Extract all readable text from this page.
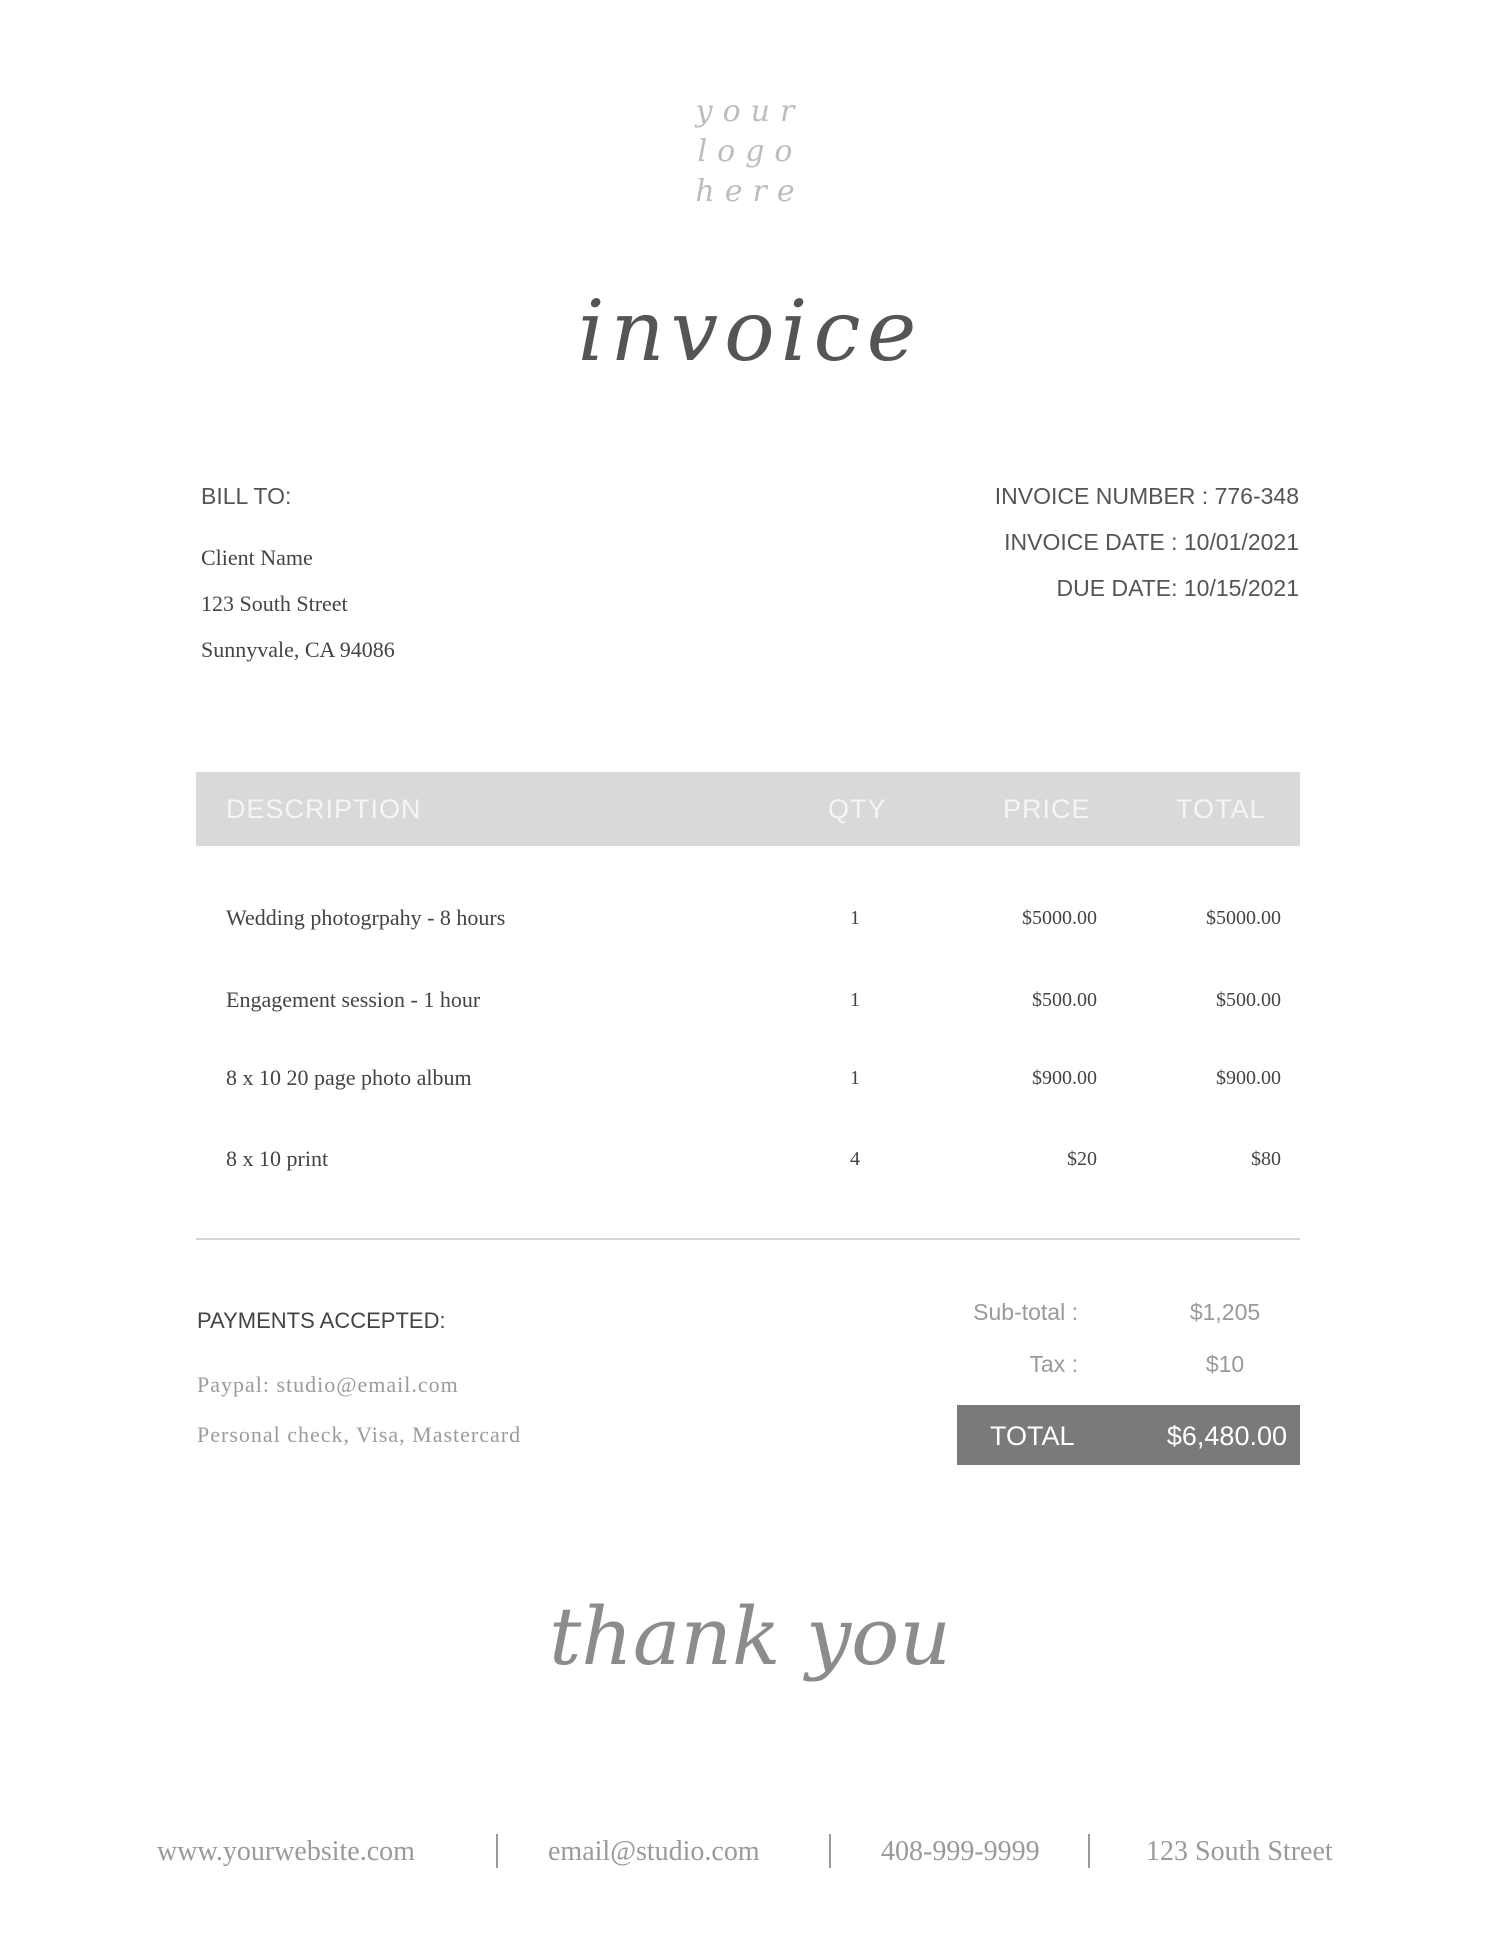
your
logo
here
invoice
BILL TO:
Client Name
123 South Street
Sunnyvale, CA 94086
INVOICE NUMBER : 776-348
INVOICE DATE : 10/01/2021
DUE DATE: 10/15/2021
DESCRIPTION	QTY	PRICE	TOTAL
Wedding photogrpahy - 8 hours	1	$5000.00	$5000.00
Engagement session - 1 hour	1	$500.00	$500.00
8 x 10 20 page photo album	1	$900.00	$900.00
8 x 10 print	4	$20	$80
PAYMENTS ACCEPTED:
Paypal: studio@email.com
Personal check, Visa, Mastercard
Sub-total :	$1,205
Tax :	$10
TOTAL	$6,480.00
thank you
www.yourwebsite.com	email@studio.com	408-999-9999	123 South Street
